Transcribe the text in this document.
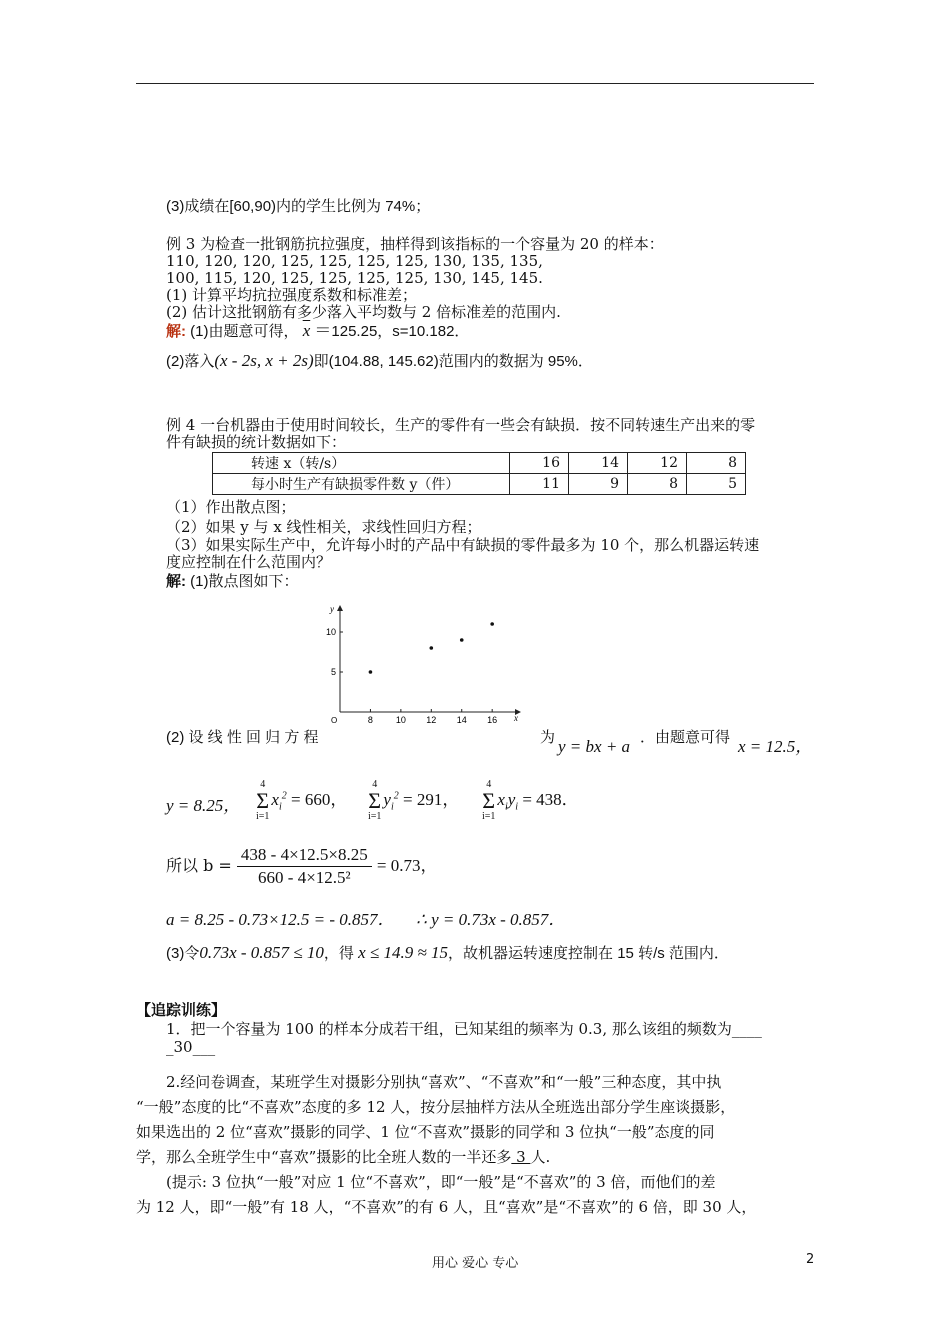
(3)成绩在[60,90)内的学生比例为 74%；
例 3 为检查一批钢筋抗拉强度，抽样得到该指标的一个容量为 20 的样本：
110, 120, 120, 125, 125, 125, 125, 130, 135, 135,
100, 115, 120, 125, 125, 125, 125, 130, 145, 145.
(1) 计算平均抗拉强度系数和标准差；
(2) 估计这批钢筋有多少落入平均数与 2 倍标准差的范围内.
解: (1)由题意可得， $\overline{x} =125.25$，s=10.182．
(2)落入(x - 2s, x + 2s)即(104.88, 145.62)范围内的数据为 95%．
例 4 一台机器由于使用时间较长，生产的零件有一些会有缺损．按不同转速生产出来的零
件有缺损的统计数据如下：
转速 x（转/s）	16	14	12	8
每小时生产有缺损零件数 y（件）	11	9	8	5
（1）作出散点图；
（2）如果 y 与 x 线性相关，求线性回归方程；
（3）如果实际生产中，允许每小时的产品中有缺损的零件最多为 10 个，那么机器运转速
度应控制在什么范围内？
解: (1)散点图如下：
8	10 12 14 16
5
10
y
x
O
(2) 设 线 性 回 归 方 程	为 y = bx + a ．由题意可得 x = 12.5，
y = 8.25，
4
Σ
$i=1x_i^2 = 660$，
4
Σ
$i=1y_i^2 = 291$，
4
Σ
$i=1x_iy_i = 438$．
所以 $b = \frac{438 - 4\times 12.5\times 8.25}{\text{660 - 4×12.5²}} = 0.73$，
a = 8.25 - 0.73×12.5 = - 0.857． ∴ y = 0.73x - 0.857．
(3)令0.73x - 0.857 ≤ 10，得 x ≤ 14.9 ≈ 15，故机器运转速度控制在 15 转/s 范围内．
【追踪训练】
1．把一个容量为 100 的样本分成若干组，已知某组的频率为 0.3, 那么该组的频数为____
_30___
2.经问卷调查，某班学生对摄影分别执“喜欢”、“不喜欢”和“一般”三种态度，其中执
“一般”态度的比“不喜欢”态度的多 12 人，按分层抽样方法从全班选出部分学生座谈摄影，
如果选出的 2 位“喜欢”摄影的同学、1 位“不喜欢”摄影的同学和 3 位执“一般”态度的同
学，那么全班学生中“喜欢”摄影的比全班人数的一半还多 3 人.
(提示: 3 位执“一般”对应 1 位“不喜欢”，即“一般”是“不喜欢”的 3 倍，而他们的差
为 12 人，即“一般”有 18 人，“不喜欢”的有 6 人，且“喜欢”是“不喜欢”的 6 倍，即 30 人，
用心 爱心 专心	2
